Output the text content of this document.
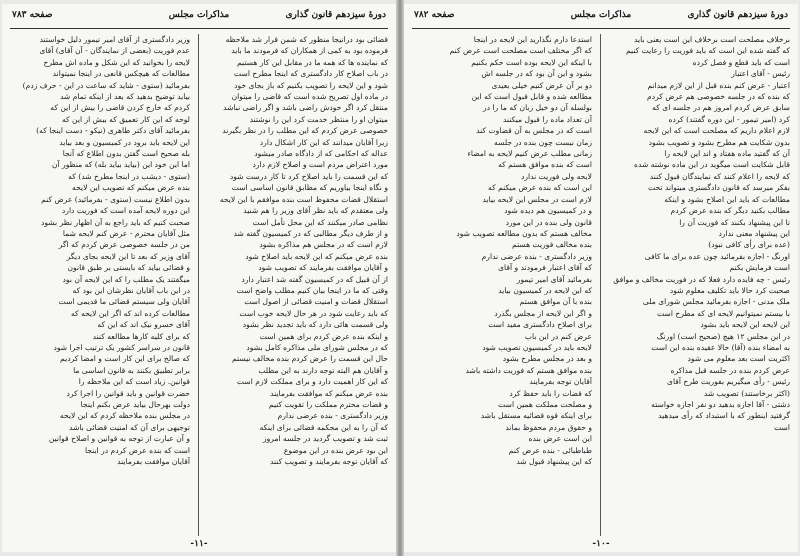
دورهٔ سیزدهم قانون گذاری
مذاکرات مجلس
صفحه ۷۸۳
قضائی بود درانیجا منظور که شمن قرار شد ملاحظه
فرموده بود به کمی از همکاران که فرمودند ما باید
که نماینده ها که همه ما در مقابل این کار هستیم
در باب اصلاح کار دادگستری که اینجا مطرح است
شود و این لایحه را تصویب بکنیم که باز بجای خود
در ماده اول تصریح شده است که قاضی را میتوان
منتقل کرد اگر خودش راضی باشد و اگر راضی نباشد
میتوان او را منتظر خدمت کرد این را نوشتند
خصوصی عرض کردم که این مطلب را در نظر بگیرند
زیرا آقایان میدانند که این کار اشکال دارد
عداله که احکامی که از دادگاه صادر میشود
مورد اعتراض مردم است و اصلاح لازم دارد
که این قسمت را باید اصلاح کرد تا کار درست شود
و نگاه اینجا بیاوریم که مطابق قانون اساسی است
استقلال قضات محفوظ است بنده موافقم با این لایحه
ولی معتقدم که باید نظر آقای وزیر را هم شنید
نظامی صادر میکنند که این محل تأمل است
و از طرف دیگر مطالبی که در کمیسیون گفته شد
لازم است که در مجلس هم مذاکره بشود
بنده عرض میکنم که این لایحه باید اصلاح شود
و آقایان موافقت بفرمایند که تصویب شود
از آن قبیل که در کمیسیون گفته شد اعتبار دارد
وقتی که ما در اینجا بیان کنیم مطلب واضح است
استقلال قضات و امنیت قضائی از اصول است
که باید رعایت شود در هر حال لایحه خوب است
ولی قسمت هائی دارد که باید تجدید نظر بشود
و اینکه بنده عرض کردم برای همین است
که در مجلس شورای ملی مذاکره کامل بشود
حال این قسمت را عرض کردم بنده مخالف نیستم
و آقایان هم البته توجه دارند به این مطلب
که این کار اهمیت دارد و برای مملکت لازم است
بنده عرض میکنم که موافقت بفرمایند
و قضات محترم مملکت را تقویت کنیم
وزیر دادگستری - بنده عرضی ندارم
که آن را به این محکمه قضائی برای اینکه
ثبت شد و تصویب گردید در جلسه امروز
این بود عرض بنده در این موضوع
که آقایان توجه بفرمایند و تصویب کنند
وزیر دادگستری از آقای امیر تیمور دلیل خواستند
عدم فوریت (بعضی از نمایندگان - آن آقای) آقای
لایحه را بخوانید که این شکل و ماده اش مطرح
مطالعات که هیچکس قانعی در اینجا نمیتواند
بفرمائید (ستوی - شاید که ساعت در این - حرف زدم)
بیاید توضیح بدهید که بعد از اینکه تمام شد
کردم که خارج کردن قاضی را بیش از این که
لوحه که این کار تعمیق که بیش از این که
بفرمائید آقای دکتر طاهری (نیکو - دست اینجا که)
این لایحه باید برود در کمیسیون و بعد بیاید
بله صحیح است گفتن بدون اطلاع که آنجا
اما این خود این (بیاید بیاید بله) که منظور آن
(ستوی - دیشب در اینجا مطرح شد) که
بنده عرض میکنم که تصویب این لایحه
بدون اطلاع نیست (ستوی - بفرمائید) عرض کنم
این دوره لایحه آمده است که فوریت دارد
صحبت کنیم که باید راجع به آن اظهار نظر بشود
مثل آقایان محترم - عرض کنم لایحه شما
من در جلسه خصوصی عرض کردم که اگر
آقای وزیر که بعد تا این لایحه بجای دیگر
و قضائی بیاید که بایستی بر طبق قانون
میگفتند یک مطلب را که این لایحه آن بود
در این باب آقایان نظرشان این بود که
آقایان ولی سیستم قضائی ما قدیمی است
مطالعات کرده اند که اگر این لایحه که
آقای خسرو نیک اند که این که
که برای کلیه کارها مطالعه کنند
قانون در سراسر کشور یک ترتیب اجرا شود
که صالح برای این کار است و امضا کردیم
برابر تطبیق بکنند به قانون اساسی ما
قوانین. زیاد است که این ملاحظه را
حضرت قوانین و باید قوانین را اجرا کرد
دولت بهرحال بیاید عرض بکنم اینجا
در مجلس بنده ملاحظه کردم که این لایحه
توجیهی برای آن که امنیت قضائی باشد
و آن عبارت از توجه به قوانین و اصلاح قوانین
است که بنده عرض کردم در اینجا
آقایان موافقت بفرمایند
-۱۱-
دورهٔ سیزدهم قانون گذاری
مذاکرات مجلس
صفحه ۷۸۲
برخلاف مصلحت است برخلاف این است یعنی باید
که گفته شده این است که باید فوریت را رعایت کنیم
است که باید قطع و فصل کرده
رئیس - آقای اعتبار
اعتبار - عرض کنم بنده قبل از این لازم میدانم
که بنده که در جلسه خصوصی هم عرض کردم
سابق عرض کردم امروز هم در جلسه ای که
کرد (امیر تیمور - این دوره گفتند) کرده
لازم اعلام داریم که مصلحت است که این لایحه
بدون شکایت هم مطرح بشود و تصویب بشود
آن که گفتید ماده هفتاد و اند این لایحه را
قابل شکایت است میگوید در این ماده نوشته شده
که لایحه را اعلام کنند که نمایندگان قبول کنند
بفکر میرسد که قانون دادگستری میتواند تحت
مطالعات که باید این اصلاح بشود و اینکه
مطالب بکنید دیگر که بنده عرض کردم
تا این پیشنهاد بکنند که فوریت آن را
این پیشنهاد معنی ندارد
(عده برای رأی کافی نبود)
اورنگ - اجازه بفرمائید چون عده برای ما کافی
است فرمایش بکنم
رئیس - چه فایده دارد فعلا که در فوریت مخالف و موافق
صحبت کرد حالا باید تکلیف معلوم شود
ملک مدنی - اجازه بفرمائید مجلس شورای ملی
با بیستم نمیتوانیم لایحه ای که مطرح است
این لایحه این لایحه باید بشود
در این مجلس ۱۲ هیچ (صحیح است) اورنگ
به امضاء بنده (آقا) حالا عقیده بنده این است
اکثریت است بعد معلوم می شود
عرض کردم بنده در جلسه قبل مذاکره
رئیس - رأی میگیریم بفوریت طرح آقای
(اکثر برخاستند) تصویب شد
دشتی - آقا اجازه بدهید دو نفر اجازه خواسته
گرفتید اینطور که با استبداد که رأی میدهید
است
استدعا دارم نگذارید این لایحه در اینجا
که اگر مختلف است مصلحت است عرض کنم
با اینکه این لایحه بوده است حکم بکنیم
بشود و این آن بود که در جلسه اش
دو بر آن عرض کنیم خیلی بعیدی
مطالعه شده و قابل قبول است که این
بولسله آن دو خیل زبان که ما را در
آن تعداد ماده را قبول میکنند
است که در مجلس به آن قضاوت کند
زمان نیست چون بنده در جلسه
زمانی مطلب عرض کنیم لایحه به امضاء
است که بنده موافق هستم که
لایحه ولی فوریت ندارد
این است که بنده عرض میکنم که
لازم است در مجلس این لایحه بیاید
و در کمیسیون هم دیده شود
قانون ولی بنده در این مورد
مخالف هستم که بدون مطالعه تصویب شود
بنده مخالف فوریت هستم
وزیر دادگستری - بنده عرضی ندارم
که آقای اعتبار فرمودند و آقای
بفرمائید آقای امیر تیمور
که این لایحه در کمیسیون بیاید
بنده با آن موافق هستم
و اگر این لایحه از مجلس بگذرد
برای اصلاح دادگستری مفید است
عرض کنم در این باب
لایحه باید در کمیسیون تصویب شود
و بعد در مجلس مطرح بشود
بنده موافق هستم که فوریت داشته باشد
آقایان توجه بفرمایند
که قضات را باید حفظ کرد
و مصلحت مملکت همین است
برای اینکه قوه قضائیه مستقل باشد
و حقوق مردم محفوظ بماند
این است عرض بنده
طباطبائی - بنده عرض کنم
که این پیشنهاد قبول شد
-۱۰-
